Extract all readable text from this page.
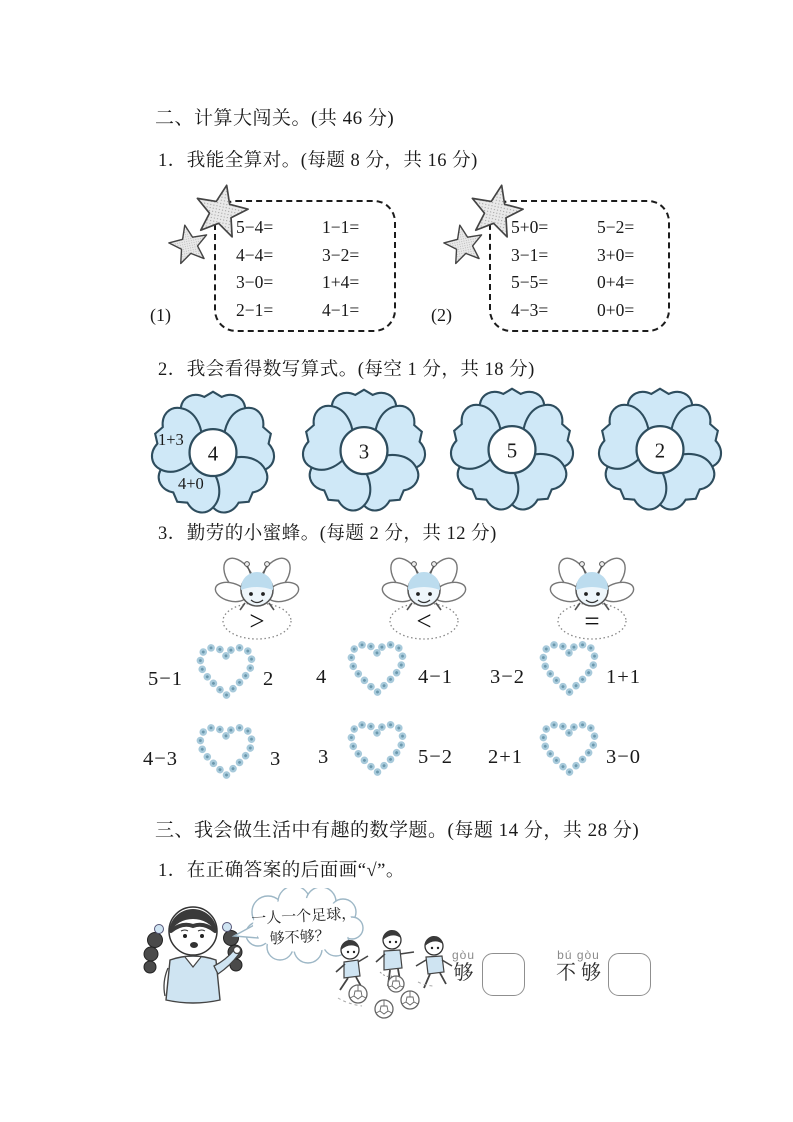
二、计算大闯关。(共 46 分)
1．我能全算对。(每题 8 分，共 16 分)
5−4=	1−1=
4−4=	3−2=
3−0=	1+4=
2−1=	4−1=
(1)
5+0=	5−2=
3−1=	3+0=
5−5=	0+4=
4−3=	0+0=
(2)
2．我会看得数写算式。(每空 1 分，共 18 分)
4
1+3
4+0
3	5	2
3．勤劳的小蜜蜂。(每题 2 分，共 12 分)
>	<	=
5−1	2 4	4−1 3−2	1+1
4−3	3 3	5−2 2+1	3−0
三、我会做生活中有趣的数学题。(每题 14 分，共 28 分)
1．在正确答案的后面画“√”。
一人一个足球，
够不够？
gòu
够
bú gòu
不 够
